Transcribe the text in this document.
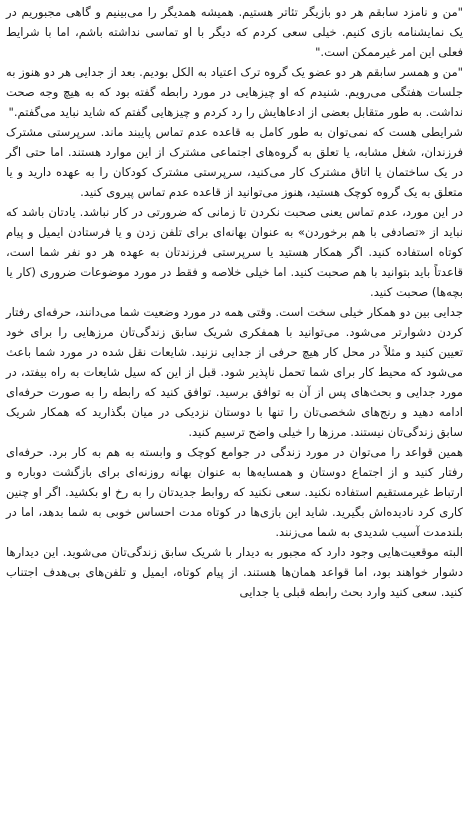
"من و نامزد سابقم هر دو بازیگر تئاتر هستیم. همیشه همدیگر را می‌بینیم و گاهی مجبوریم در یک نمایشنامه بازی کنیم. خیلی سعی کردم که دیگر با او تماسی نداشته باشم، اما با شرایط فعلی این امر غیرممکن است."

"من و همسر سابقم هر دو عضو یک گروه ترک اعتیاد به الکل بودیم. بعد از جدایی هر دو هنوز به جلسات هفتگی می‌رویم. شنیدم که او چیزهایی در مورد رابطه گفته بود که به هیچ وجه صحت نداشت. به طور متقابل بعضی از ادعاهایش را رد کردم و چیزهایی گفتم که شاید نباید می‌گفتم."

شرایطی هست که نمی‌توان به طور کامل به قاعده عدم تماس پایبند ماند. سرپرستی مشترک فرزندان، شغل مشابه، یا تعلق به گروه‌های اجتماعی مشترک از این موارد هستند. اما حتی اگر در یک ساختمان یا اتاق مشترک کار می‌کنید، سرپرستی مشترک کودکان را به عهده دارید و یا متعلق به یک گروه کوچک هستید، هنوز می‌توانید از قاعده عدم تماس پیروی کنید.

در این مورد، عدم تماس یعنی صحبت نکردن تا زمانی که ضرورتی در کار نباشد. یادتان باشد که نباید از «تصادفی با هم برخوردن» به عنوان بهانه‌ای برای تلفن زدن و یا فرستادن ایمیل و پیام کوتاه استفاده کنید. اگر همکار هستید یا سرپرستی فرزندتان به عهده هر دو نفر شما است، قاعدتاً باید بتوانید با هم صحبت کنید. اما خیلی خلاصه و فقط در مورد موضوعات ضروری (کار یا بچه‌ها) صحبت کنید.

جدایی بین دو همکار خیلی سخت است. وقتی همه در مورد وضعیت شما می‌دانند، حرفه‌ای رفتار کردن دشوارتر می‌شود. می‌توانید با همفکری شریک سابق زندگی‌تان مرزهایی را برای خود تعیین کنید و مثلاً در محل کار هیچ حرفی از جدایی نزنید. شایعات نقل شده در مورد شما باعث می‌شود که محیط کار برای شما تحمل ناپذیر شود. قبل از این که سیل شایعات به راه بیفتد، در مورد جدایی و بحث‌های پس از آن به توافق برسید. توافق کنید که رابطه را به صورت حرفه‌ای ادامه دهید و رنج‌های شخصی‌تان را تنها با دوستان نزدیکی در میان بگذارید که همکار شریک سابق زندگی‌تان نیستند. مرزها را خیلی واضح ترسیم کنید.

همین قواعد را می‌توان در مورد زندگی در جوامع کوچک و وابسته به هم به کار برد. حرفه‌ای رفتار کنید و از اجتماع دوستان و همسایه‌ها به عنوان بهانه روزنه‌ای برای بازگشت دوباره و ارتباط غیرمستقیم استفاده نکنید. سعی نکنید که روابط جدیدتان را به رخ او بکشید. اگر او چنین کاری کرد نادیده‌اش بگیرید. شاید این بازی‌ها در کوتاه مدت احساس خوبی به شما بدهد، اما در بلندمدت آسیب شدیدی به شما می‌زنند.

البته موقعیت‌هایی وجود دارد که مجبور به دیدار با شریک سابق زندگی‌تان می‌شوید. این دیدارها دشوار خواهند بود، اما قواعد همان‌ها هستند. از پیام کوتاه، ایمیل و تلفن‌های بی‌هدف اجتناب کنید. سعی کنید وارد بحث رابطه قبلی یا جدایی
